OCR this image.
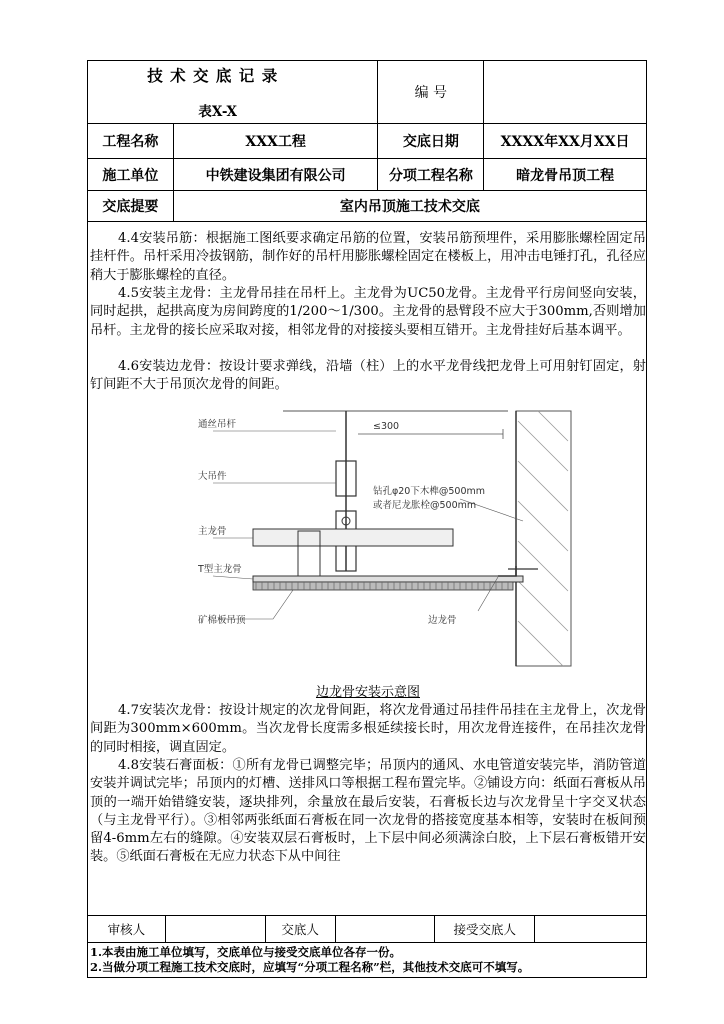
技 术 交 底 记 录
表X-X		编 号	
工程名称	XXX工程	交底日期	XXXX年XX月XX日
施工单位	中铁建设集团有限公司	分项工程名称	暗龙骨吊顶工程
交底提要	室内吊顶施工技术交底		

4.4安装吊筋：根据施工图纸要求确定吊筋的位置，安装吊筋预埋件，采用膨胀螺栓固定吊挂杆件。吊杆采用冷拔钢筋，制作好的吊杆用膨胀螺栓固定在楼板上，用冲击电锤打孔，孔径应稍大于膨胀螺栓的直径。

4.5安装主龙骨：主龙骨吊挂在吊杆上。主龙骨为UC50龙骨。主龙骨平行房间竖向安装，同时起拱，起拱高度为房间跨度的1/200～1/300。主龙骨的悬臂段不应大于300mm,否则增加吊杆。主龙骨的接长应采取对接，相邻龙骨的对接接头要相互错开。主龙骨挂好后基本调平。

4.6安装边龙骨：按设计要求弹线，沿墙（柱）上的水平龙骨线把龙骨上可用射钉固定，射钉间距不大于吊顶次龙骨的间距。

≤300
通丝吊杆
大吊件
主龙骨
T型主龙骨
矿棉板吊顶	边龙骨
钻孔φ20下木榫@500mm
或者尼龙胀栓@500mm
边龙骨安装示意图

4.7安装次龙骨：按设计规定的次龙骨间距，将次龙骨通过吊挂件吊挂在主龙骨上，次龙骨间距为300mm×600mm。当次龙骨长度需多根延续接长时，用次龙骨连接件，在吊挂次龙骨的同时相接，调直固定。

4.8安装石膏面板：①所有龙骨已调整完毕；吊顶内的通风、水电管道安装完毕，消防管道安装并调试完毕；吊顶内的灯槽、送排风口等根据工程布置完毕。②铺设方向：纸面石膏板从吊顶的一端开始错缝安装，逐块排列，余量放在最后安装，石膏板长边与次龙骨呈十字交叉状态（与主龙骨平行）。③相邻两张纸面石膏板在同一次龙骨的搭接宽度基本相等，安装时在板间预留4-6mm左右的缝隙。④安装双层石膏板时，上下层中间必须满涂白胶，上下层石膏板错开安装。⑤纸面石膏板在无应力状态下从中间往

审核人		交底人		接受交底人	
1.本表由施工单位填写，交底单位与接受交底单位各存一份。
2.当做分项工程施工技术交底时，应填写“分项工程名称”栏，其他技术交底可不填写。
